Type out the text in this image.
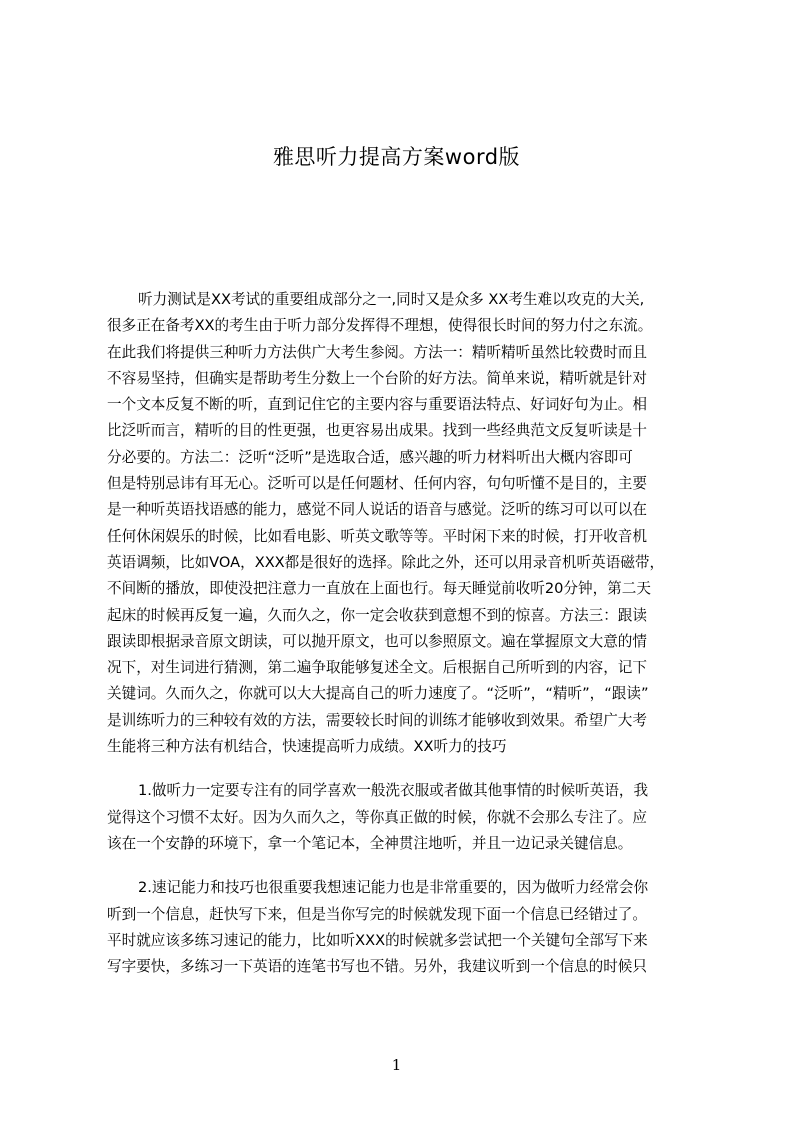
雅思听力提高方案word版
听力测试是XX考试的重要组成部分之一,同时又是众多 XX考生难以攻克的大关,
很多正在备考XX的考生由于听力部分发挥得不理想，使得很长时间的努力付之东流。
在此我们将提供三种听力方法供广大考生参阅。方法一：精听精听虽然比较费时而且
不容易坚持，但确实是帮助考生分数上一个台阶的好方法。简单来说，精听就是针对
一个文本反复不断的听，直到记住它的主要内容与重要语法特点、好词好句为止。相
比泛听而言，精听的目的性更强，也更容易出成果。找到一些经典范文反复听读是十
分必要的。方法二：泛听“泛听”是选取合适，感兴趣的听力材料听出大概内容即可
但是特别忌讳有耳无心。泛听可以是任何题材、任何内容，句句听懂不是目的，主要
是一种听英语找语感的能力，感觉不同人说话的语音与感觉。泛听的练习可以可以在
任何休闲娱乐的时候，比如看电影、听英文歌等等。平时闲下来的时候，打开收音机
英语调频，比如VOA，XXX都是很好的选择。除此之外，还可以用录音机听英语磁带，
不间断的播放，即使没把注意力一直放在上面也行。每天睡觉前收听20分钟，第二天
起床的时候再反复一遍，久而久之，你一定会收获到意想不到的惊喜。方法三：跟读
跟读即根据录音原文朗读，可以抛开原文，也可以参照原文。遍在掌握原文大意的情
况下，对生词进行猜测，第二遍争取能够复述全文。后根据自己所听到的内容，记下
关键词。久而久之，你就可以大大提高自己的听力速度了。“泛听”，“精听”，“跟读”
是训练听力的三种较有效的方法，需要较长时间的训练才能够收到效果。希望广大考
生能将三种方法有机结合，快速提高听力成绩。XX听力的技巧
1.做听力一定要专注有的同学喜欢一般洗衣服或者做其他事情的时候听英语，我
觉得这个习惯不太好。因为久而久之，等你真正做的时候，你就不会那么专注了。应
该在一个安静的环境下，拿一个笔记本，全神贯注地听，并且一边记录关键信息。
2.速记能力和技巧也很重要我想速记能力也是非常重要的，因为做听力经常会你
听到一个信息，赶快写下来，但是当你写完的时候就发现下面一个信息已经错过了。
平时就应该多练习速记的能力，比如听XXX的时候就多尝试把一个关键句全部写下来
写字要快，多练习一下英语的连笔书写也不错。另外，我建议听到一个信息的时候只
1
